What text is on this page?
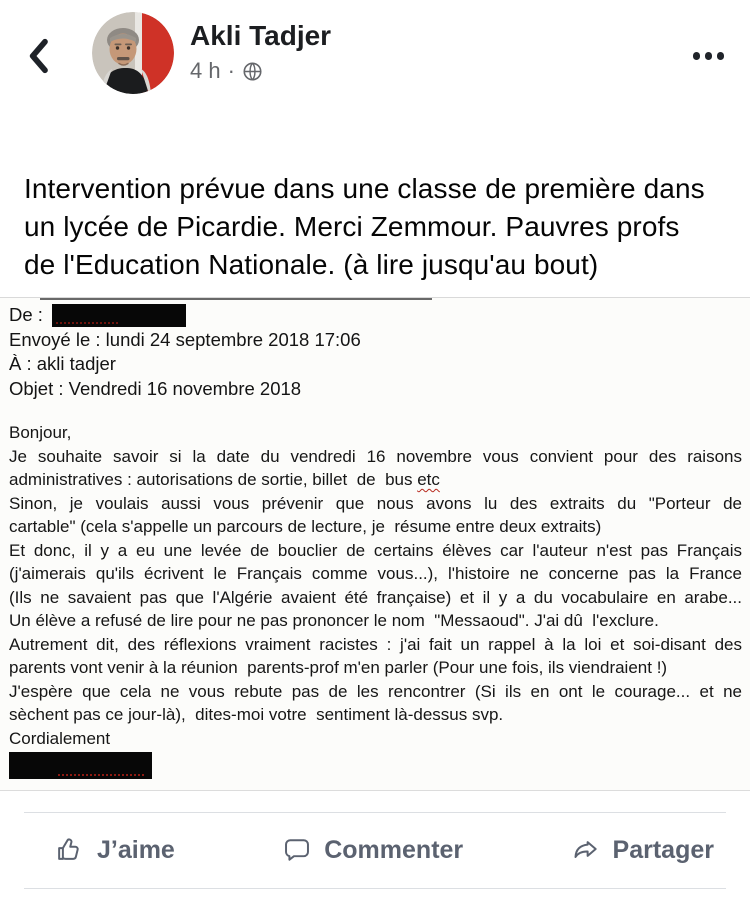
Akli Tadjer
4 h ·
Intervention prévue dans une classe de première dans
un lycée de Picardie. Merci Zemmour. Pauvres profs
de l'Education Nationale. (à lire jusqu'au bout)
De :
Envoyé le : lundi 24 septembre 2018 17:06
À : akli tadjer
Objet : Vendredi 16 novembre 2018
Bonjour,
Je souhaite savoir si la date du vendredi 16 novembre vous convient pour des raisons
administratives : autorisations de sortie, billet  de  bus etc
Sinon, je voulais aussi vous prévenir que nous avons lu des extraits du "Porteur de
cartable" (cela s'appelle un parcours de lecture, je  résume entre deux extraits)
Et donc, il y a eu une levée de bouclier de certains élèves car l'auteur n'est pas Français
(j'aimerais qu'ils écrivent le Français comme vous...), l'histoire ne concerne pas la France
(Ils ne savaient pas que l'Algérie avaient été française) et il y a du vocabulaire en arabe...
Un élève a refusé de lire pour ne pas prononcer le nom  "Messaoud". J'ai dû  l'exclure.
Autrement dit, des réflexions vraiment racistes : j'ai fait un rappel à la loi et soi-disant des
parents vont venir à la réunion  parents-prof m'en parler (Pour une fois, ils viendraient !)
J'espère que cela ne vous rebute pas de les rencontrer (Si ils en ont le courage... et ne
sèchent pas ce jour-là),  dites-moi votre  sentiment là-dessus svp.
Cordialement
J’aime	Commenter	Partager
